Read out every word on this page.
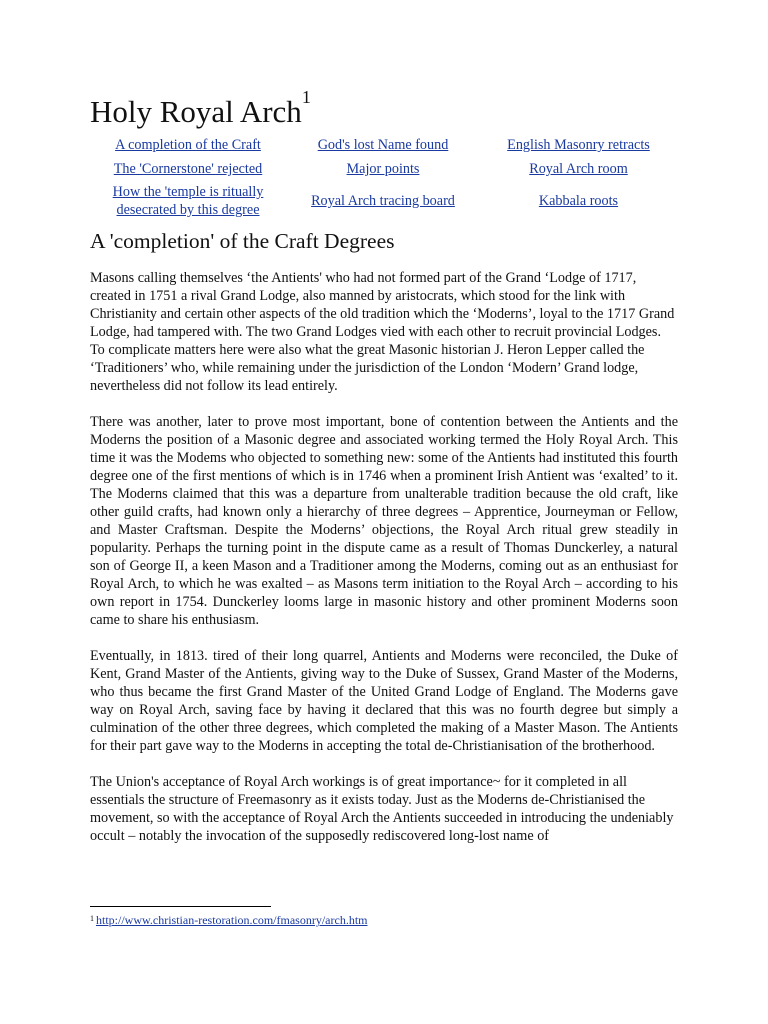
Holy Royal Arch$^1$
A completion of the Craft	God's lost Name found	English Masonry retracts
The 'Cornerstone' rejected	Major points	Royal Arch room
How the 'temple is ritually desecrated by this degree	Royal Arch tracing board	Kabbala roots
A 'completion' of the Craft Degrees

Masons calling themselves ‘the Antients' who had not formed part of the Grand ‘Lodge of 1717, created in 1751 a rival Grand Lodge, also manned by aristocrats, which stood for the link with Christianity and certain other aspects of the old tradition which the ‘Moderns’, loyal to the 1717 Grand Lodge, had tampered with. The two Grand Lodges vied with each other to recruit provincial Lodges. To complicate matters here were also what the great Masonic historian J. Heron Lepper called the ‘Traditioners’ who, while remaining under the jurisdiction of the London ‘Modern’ Grand lodge, nevertheless did not follow its lead entirely.

There was another, later to prove most important, bone of contention between the Antients and the Moderns the position of a Masonic degree and associated working termed the Holy Royal Arch. This time it was the Modems who objected to something new: some of the Antients had instituted this fourth degree one of the first mentions of which is in 1746 when a prominent Irish Antient was ‘exalted’ to it. The Moderns claimed that this was a departure from unalterable tradition because the old craft, like other guild crafts, had known only a hierarchy of three degrees – Apprentice, Journeyman or Fellow, and Master Craftsman. Despite the Moderns’ objections, the Royal Arch ritual grew steadily in popularity. Perhaps the turning point in the dispute came as a result of Thomas Dunckerley, a natural son of George II, a keen Mason and a Traditioner among the Moderns, coming out as an enthusiast for Royal Arch, to which he was exalted – as Masons term initiation to the Royal Arch – according to his own report in 1754. Dunckerley looms large in masonic history and other prominent Moderns soon came to share his enthusiasm.

Eventually, in 1813. tired of their long quarrel, Antients and Moderns were reconciled, the Duke of Kent, Grand Master of the Antients, giving way to the Duke of Sussex, Grand Master of the Moderns, who thus became the first Grand Master of the United Grand Lodge of England. The Moderns gave way on Royal Arch, saving face by having it declared that this was no fourth degree but simply a culmination of the other three degrees, which completed the making of a Master Mason. The Antients for their part gave way to the Moderns in accepting the total de-Christianisation of the brotherhood.

The Union's acceptance of Royal Arch workings is of great importance~ for it completed in all essentials the structure of Freemasonry as it exists today. Just as the Moderns de-Christianised the movement, so with the acceptance of Royal Arch the Antients succeeded in introducing the undeniably occult – notably the invocation of the supposedly rediscovered long-lost name of

$^1$ http://www.christian-restoration.com/fmasonry/arch.htm
